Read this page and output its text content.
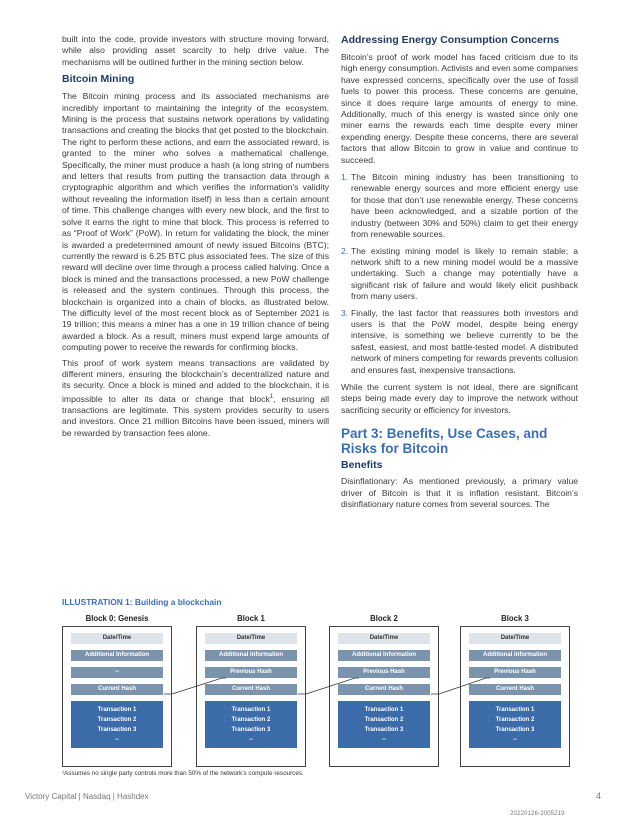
built into the code, provide investors with structure moving forward, while also providing asset scarcity to help drive value. The mechanisms will be outlined further in the mining section below.

Bitcoin Mining

The Bitcoin mining process and its associated mechanisms are incredibly important to maintaining the integrity of the ecosystem. Mining is the process that sustains network operations by validating transactions and creating the blocks that get posted to the blockchain. The right to perform these actions, and earn the associated reward, is granted to the miner who solves a mathematical challenge. Specifically, the miner must produce a hash (a long string of numbers and letters that results from putting the transaction data through a cryptographic algorithm and which verifies the information’s validity without revealing the information itself) in less than a certain amount of time. This challenge changes with every new block, and the first to solve it earns the right to mine that block. This process is referred to as “Proof of Work” (PoW). In return for validating the block, the miner is awarded a predetermined amount of newly issued Bitcoins (BTC); currently the reward is 6.25 BTC plus associated fees. The size of this reward will decline over time through a process called halving. Once a block is mined and the transactions processed, a new PoW challenge is released and the system continues. Through this process, the blockchain is organized into a chain of blocks, as illustrated below. The difficulty level of the most recent block as of September 2021 is 19 trillion; this means a miner has a one in 19 trillion chance of being awarded a block. As a result, miners must expend large amounts of computing power to receive the rewards for confirming blocks.

This proof of work system means transactions are validated by different miners, ensuring the blockchain’s decentralized nature and its security. Once a block is mined and added to the blockchain, it is impossible to alter its data or change that block$^1$, ensuring all transactions are legitimate. This system provides security to users and investors. Once 21 million Bitcoins have been issued, miners will be rewarded by transaction fees alone.

Addressing Energy Consumption Concerns

Bitcoin’s proof of work model has faced criticism due to its high energy consumption. Activists and even some companies have expressed concerns, specifically over the use of fossil fuels to power this process. These concerns are genuine, since it does require large amounts of energy to mine. Additionally, much of this energy is wasted since only one miner earns the rewards each time despite every miner expending energy. Despite these concerns, there are several factors that allow Bitcoin to grow in value and continue to succeed.

1. The Bitcoin mining industry has been transitioning to renewable energy sources and more efficient energy use for those that don’t use renewable energy. These concerns have been acknowledged, and a sizable portion of the industry (between 30% and 50%) claim to get their energy from renewable sources.
2. The existing mining model is likely to remain stable; a network shift to a new mining model would be a massive undertaking. Such a change may potentially have a significant risk of failure and would likely elicit pushback from many users.
3. Finally, the last factor that reassures both investors and users is that the PoW model, despite being energy intensive, is something we believe currently to be the safest, easiest, and most battle-tested model. A distributed network of miners competing for rewards prevents collusion and ensures fast, inexpensive transactions.

While the current system is not ideal, there are significant steps being made every day to improve the network without sacrificing security or efficiency for investors.

Part 3: Benefits, Use Cases, and Risks for Bitcoin
Benefits

Disinflationary: As mentioned previously, a primary value driver of Bitcoin is that it is inflation resistant. Bitcoin’s disinflationary nature comes from several sources. The

ILLUSTRATION 1: Building a blockchain
Block 0: Genesis
Date/Time
Additional Information
--
Current Hash
Transaction 1
Transaction 2
Transaction 3
--
Block 1
Date/Time
Additional Information
Previous Hash
Current Hash
Transaction 1
Transaction 2
Transaction 3
--
Block 2
Date/Time
Additional Information
Previous Hash
Current Hash
Transaction 1
Transaction 2
Transaction 3
--
Block 3
Date/Time
Additional Information
Previous Hash
Current Hash
Transaction 1
Transaction 2
Transaction 3
--
¹Assumes no single party controls more than 50% of the network’s compute resources.
Victory Capital | Nasdaq | Hashdex	4
20220126-2005219
